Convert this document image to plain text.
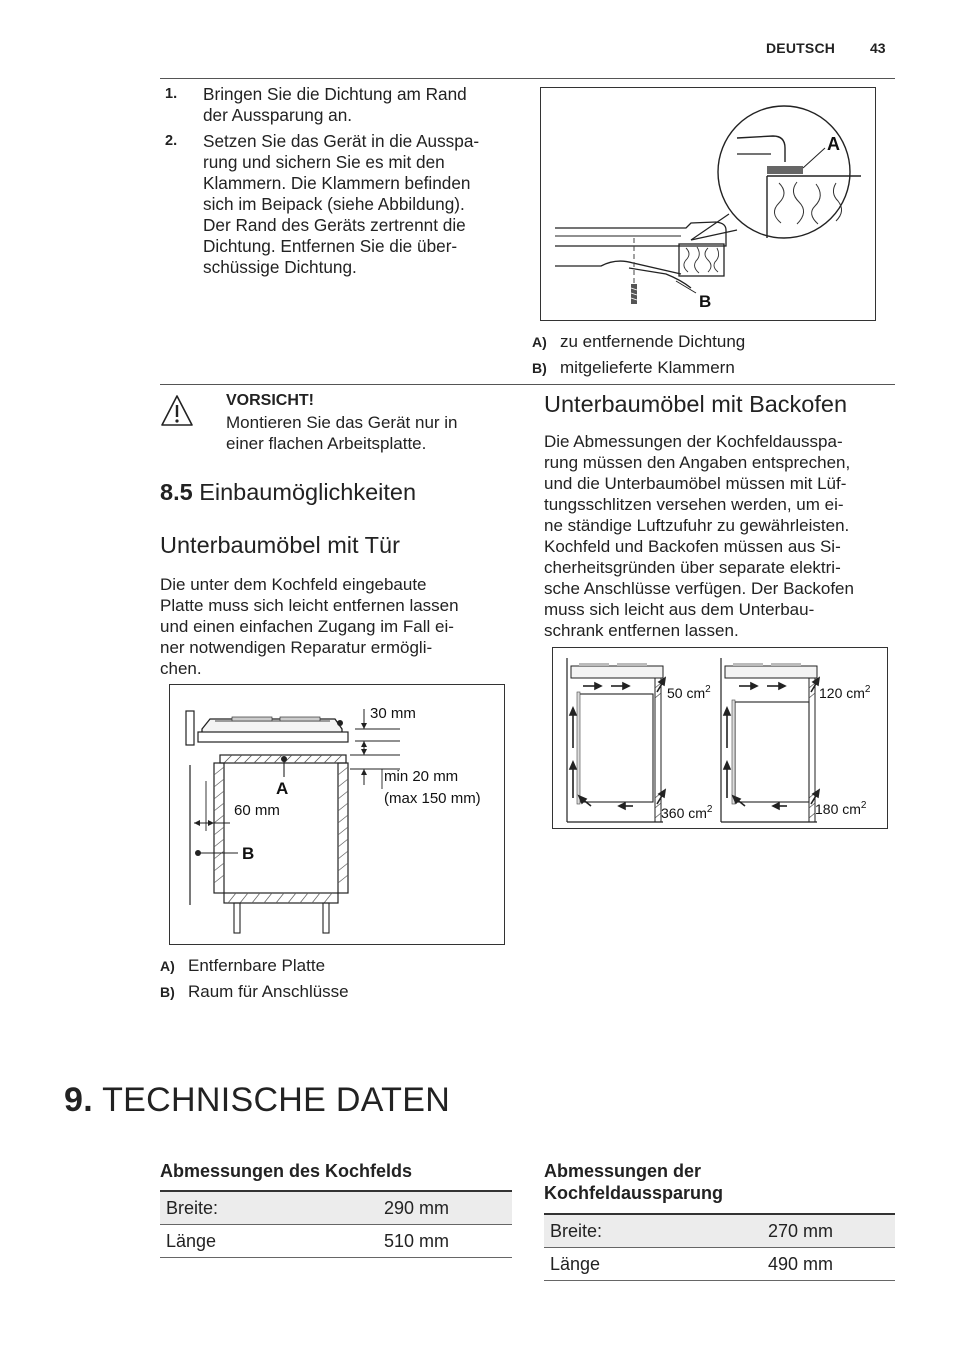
DEUTSCH 43
1. Bringen Sie die Dichtung am Rand
der Aussparung an.
2. Setzen Sie das Gerät in die Ausspa-
rung und sichern Sie es mit den
Klammern. Die Klammern befinden
sich im Beipack (siehe Abbildung).
Der Rand des Geräts zertrennt die
Dichtung. Entfernen Sie die über-
schüssige Dichtung.
B
A
A) zu entfernende Dichtung
B) mitgelieferte Klammern
VORSICHT!
Montieren Sie das Gerät nur in
einer flachen Arbeitsplatte.
8.5 Einbaumöglichkeiten
Unterbaumöbel mit Tür
Die unter dem Kochfeld eingebaute
Platte muss sich leicht entfernen lassen
und einen einfachen Zugang im Fall ei-
ner notwendigen Reparatur ermögli-
chen.
A
B
60 mm
30 mm
min 20 mm
(max 150 mm)
A) Entfernbare Platte
B) Raum für Anschlüsse
Unterbaumöbel mit Backofen
Die Abmessungen der Kochfeldausspa-
rung müssen den Angaben entsprechen,
und die Unterbaumöbel müssen mit Lüf-
tungsschlitzen versehen werden, um ei-
ne ständige Luftzufuhr zu gewährleisten.
Kochfeld und Backofen müssen aus Si-
cherheitsgründen über separate elektri-
sche Anschlüsse verfügen. Der Backofen
muss sich leicht aus dem Unterbau-
schrank entfernen lassen.
50 $cm^2$
360 $cm^2$
120 $cm^2$
180 $cm^2$
9. TECHNISCHE DATEN
Abmessungen des Kochfelds
Breite:	290 mm
Länge	510 mm
Abmessungen der
Kochfeldaussparung
Breite:	270 mm
Länge	490 mm
